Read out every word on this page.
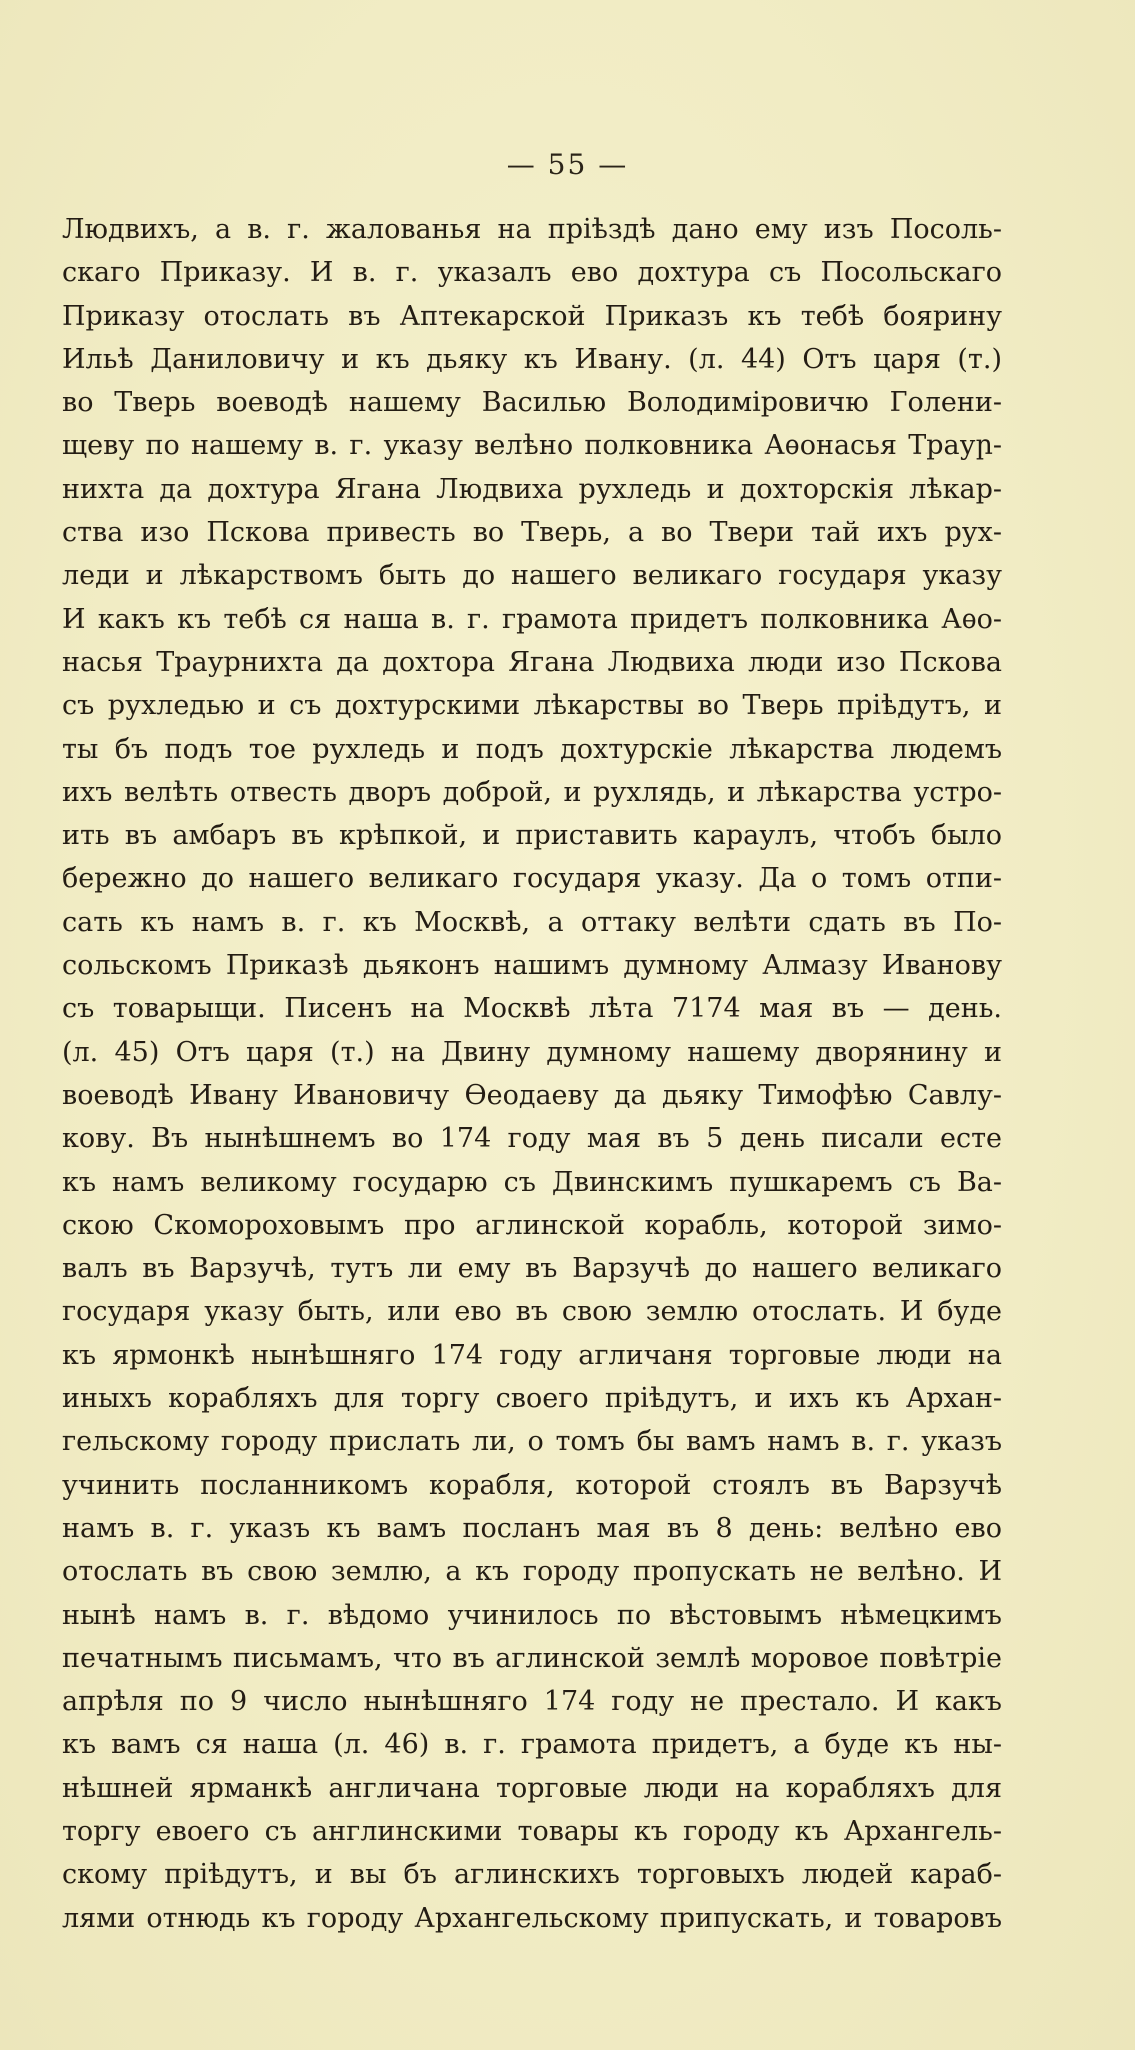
— 55 —
Людвихъ, а в. г. жалованья на пріѣздѣ дано ему изъ Посоль-
скаго Приказу. И в. г. указалъ ево дохтура съ Посольскаго
Приказу отослать въ Аптекарской Приказъ къ тебѣ боярину
Ильѣ Даниловичу и къ дьяку къ Ивану. (л. 44) Отъ царя (т.)
во Тверь воеводѣ нашему Василью Володиміровичю Голени-
щеву по нашему в. г. указу велѣно полковника Аѳонасья Трауր-
нихта да дохтура Ягана Людвиха рухледь и дохторскія лѣкар-
ства изо Пскова привесть во Тверь, а во Твери тай ихъ рух-
леди и лѣкарствомъ быть до нашего великаго государя указу
И какъ къ тебѣ ся наша в. г. грамота придетъ полковника Аѳо-
насья Траурнихта да дохтора Ягана Людвиха люди изо Пскова
съ рухледью и съ дохтурскими лѣкарствы во Тверь пріѣдутъ, и
ты бъ подъ тое рухледь и подъ дохтурскіе лѣкарства людемъ
ихъ велѣть отвесть дворъ доброй, и рухлядь, и лѣкарства устро-
ить въ амбаръ въ крѣпкой, и приставить караулъ, чтобъ было
бережно до нашего великаго государя указу. Да о томъ отпи-
сать къ намъ в. г. къ Москвѣ, а оттаку велѣти сдать въ По-
сольскомъ Приказѣ дьяконъ нашимъ думному Алмазу Иванову
съ товарыщи. Писенъ на Москвѣ лѣта 7174 мая въ — день.
(л. 45) Отъ царя (т.) на Двину думному нашему дворянину и
воеводѣ Ивану Ивановичу Ѳеодаеву да дьяку Тимофѣю Савлу-
кову. Въ нынѣшнемъ во 174 году мая въ 5 день писали есте
къ намъ великому государю съ Двинскимъ пушкаремъ съ Ва-
скою Скомороховымъ про аглинской корабль, которой зимо-
валъ въ Варзучѣ, тутъ ли ему въ Варзучѣ до нашего великаго
государя указу быть, или ево въ свою землю отослать. И буде
къ ярмонкѣ нынѣшняго 174 году агличаня торговые люди на
иныхъ корабляхъ для торгу своего пріѣдутъ, и ихъ къ Архан-
гельскому городу прислать ли, о томъ бы вамъ намъ в. г. указъ
учинить посланникомъ корабля, которой стоялъ въ Варзучѣ
намъ в. г. указъ къ вамъ посланъ мая въ 8 день: велѣно ево
отослать въ свою землю, а къ городу пропускать не велѣно. И
нынѣ намъ в. г. вѣдомо учинилось по вѣстовымъ нѣмецкимъ
печатнымъ письмамъ, что въ аглинской землѣ моровое повѣтріе
апрѣля по 9 число нынѣшняго 174 году не престало. И какъ
къ вамъ ся наша (л. 46) в. г. грамота придетъ, а буде къ ны-
нѣшней ярманкѣ англичана торговые люди на корабляхъ для
торгу евоего съ англинскими товары къ городу къ Архангель-
скому пріѣдутъ, и вы бъ аглинскихъ торговыхъ людей караб-
лями отнюдь къ городу Архангельскому припускать, и товаровъ
